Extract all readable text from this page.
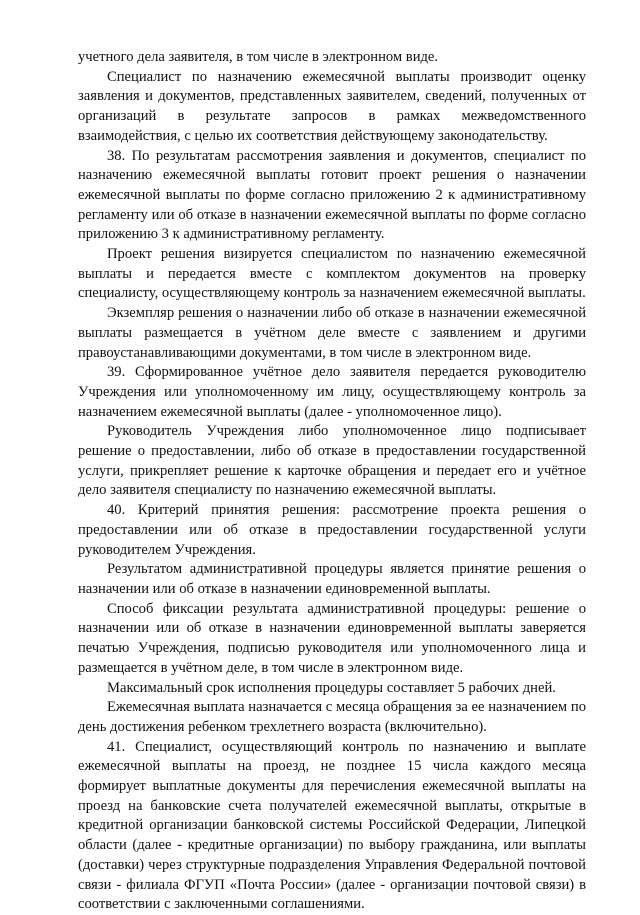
учетного дела заявителя, в том числе в электронном виде.

Специалист по назначению ежемесячной выплаты производит оценку заявления и документов, представленных заявителем, сведений, полученных от организаций в результате запросов в рамках межведомственного взаимодействия, с целью их соответствия действующему законодательству.

38. По результатам рассмотрения заявления и документов, специалист по назначению ежемесячной выплаты готовит проект решения о назначении ежемесячной выплаты по форме согласно приложению 2 к административному регламенту или об отказе в назначении ежемесячной выплаты по форме согласно приложению 3 к административному регламенту.

Проект решения визируется специалистом по назначению ежемесячной выплаты и передается вместе с комплектом документов на проверку специалисту, осуществляющему контроль за назначением ежемесячной выплаты.

Экземпляр решения о назначении либо об отказе в назначении ежемесячной выплаты размещается в учётном деле вместе с заявлением и другими правоустанавливающими документами, в том числе в электронном виде.

39. Сформированное учётное дело заявителя передается руководителю Учреждения или уполномоченному им лицу, осуществляющему контроль за назначением ежемесячной выплаты (далее - уполномоченное лицо).

Руководитель Учреждения либо уполномоченное лицо подписывает решение о предоставлении, либо об отказе в предоставлении государственной услуги, прикрепляет решение к карточке обращения и передает его и учётное дело заявителя специалисту по назначению ежемесячной выплаты.

40. Критерий принятия решения: рассмотрение проекта решения о предоставлении или об отказе в предоставлении государственной услуги руководителем Учреждения.

Результатом административной процедуры является принятие решения о назначении или об отказе в назначении единовременной выплаты.

Способ фиксации результата административной процедуры: решение о назначении или об отказе в назначении единовременной выплаты заверяется печатью Учреждения, подписью руководителя или уполномоченного лица и размещается в учётном деле, в том числе в электронном виде.

Максимальный срок исполнения процедуры составляет 5 рабочих дней.

Ежемесячная выплата назначается с месяца обращения за ее назначением по день достижения ребенком трехлетнего возраста (включительно).

41. Специалист, осуществляющий контроль по назначению и выплате ежемесячной выплаты на проезд, не позднее 15 числа каждого месяца формирует выплатные документы для перечисления ежемесячной выплаты на проезд на банковские счета получателей ежемесячной выплаты, открытые в кредитной организации банковской системы Российской Федерации, Липецкой области (далее - кредитные организации) по выбору гражданина, или выплаты (доставки) через структурные подразделения Управления Федеральной почтовой связи - филиала ФГУП «Почта России» (далее - организации почтовой связи) в соответствии с заключенными соглашениями.
